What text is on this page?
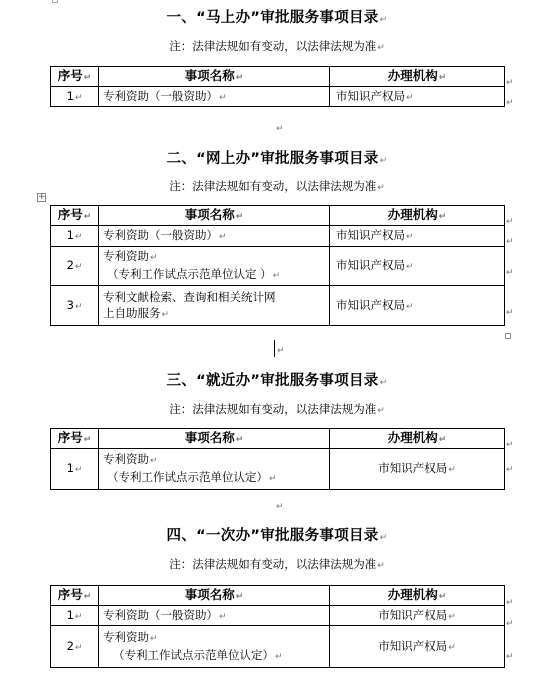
一、“马上办”审批服务事项目录↵
注：法律法规如有变动，以法律法规为准↵
序号↵	事项名称↵	办理机构↵
1↵	专利资助（一般资助）↵	市知识产权局↵
↵
↵
↵
二、“网上办”审批服务事项目录↵
注：法律法规如有变动，以法律法规为准↵
+
序号↵	事项名称↵	办理机构↵
1↵	专利资助（一般资助）↵	市知识产权局↵
2↵	专利资助↵
（专利工作试点示范单位认定 ）↵	市知识产权局↵
3↵	专利文献检索、查询和相关统计网
上自助服务↵	市知识产权局↵
↵
↵
↵
↵
↵
三、“就近办”审批服务事项目录↵
注：法律法规如有变动，以法律法规为准↵
序号↵	事项名称↵	办理机构↵
1↵	专利资助↵
（专利工作试点示范单位认定）↵	市知识产权局↵
↵
↵
↵
四、“一次办”审批服务事项目录↵
注：法律法规如有变动，以法律法规为准↵
序号↵	事项名称↵	办理机构↵
1↵	专利资助（一般资助）↵	市知识产权局↵
2↵	专利资助↵
（专利工作试点示范单位认定）↵	市知识产权局↵
↵
↵
↵
